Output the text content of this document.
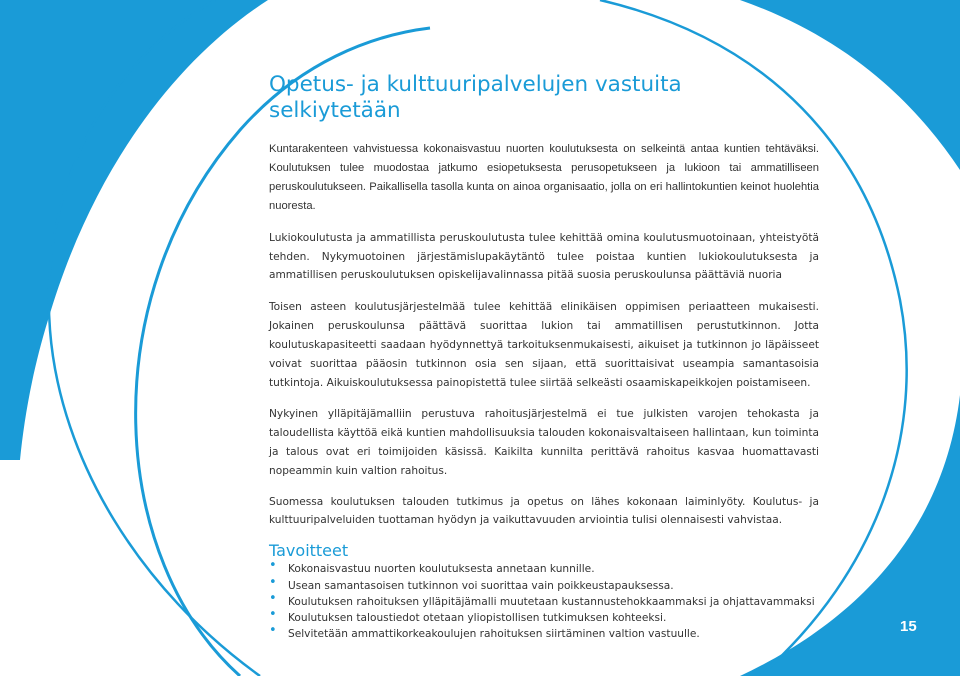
Opetus- ja kulttuuripalvelujen vastuita selkiytetään

Kuntarakenteen vahvistuessa kokonaisvastuu nuorten koulutuksesta on selkeintä antaa kuntien tehtäväksi. Koulutuksen tulee muodostaa jatkumo esiopetuksesta perusopetukseen ja lukioon tai ammatilliseen peruskoulutukseen. Paikallisella tasolla kunta on ainoa organisaatio, jolla on eri hallintokuntien keinot huolehtia nuoresta.

Lukiokoulutusta ja ammatillista peruskoulutusta tulee kehittää omina koulutusmuotoinaan, yhteistyötä tehden. Nykymuotoinen järjestämislupakäytäntö tulee poistaa kuntien lukiokoulutuksesta ja ammatillisen peruskoulutuksen opiskelijavalinnassa pitää suosia peruskoulunsa päättäviä nuoria

Toisen asteen koulutusjärjestelmää tulee kehittää elinikäisen oppimisen periaatteen mukaisesti. Jokainen peruskoulunsa päättävä suorittaa lukion tai ammatillisen perustutkinnon. Jotta koulutuskapasiteetti saadaan hyödynnettyä tarkoituksenmukaisesti, aikuiset ja tutkinnon jo läpäisseet voivat suorittaa pääosin tutkinnon osia sen sijaan, että suorittaisivat useampia samantasoisia tutkintoja. Aikuiskoulutuksessa painopistettä tulee siirtää selkeästi osaamiskapeikkojen poistamiseen.

Nykyinen ylläpitäjämalliin perustuva rahoitusjärjestelmä ei tue julkisten varojen tehokasta ja taloudellista käyttöä eikä kuntien mahdollisuuksia talouden kokonaisvaltaiseen hallintaan, kun toiminta ja talous ovat eri toimijoiden käsissä. Kaikilta kunnilta perittävä rahoitus kasvaa huomattavasti nopeammin kuin valtion rahoitus.

Suomessa koulutuksen talouden tutkimus ja opetus on lähes kokonaan laiminlyöty. Koulutus- ja kulttuuripalveluiden tuottaman hyödyn ja vaikuttavuuden arviointia tulisi olennaisesti vahvistaa.

Tavoitteet
• Kokonaisvastuu nuorten koulutuksesta annetaan kunnille.
• Usean samantasoisen tutkinnon voi suorittaa vain poikkeustapauksessa.
• Koulutuksen rahoituksen ylläpitäjämalli muutetaan kustannustehokkaammaksi ja ohjattavammaksi
• Koulutuksen taloustiedot otetaan yliopistollisen tutkimuksen kohteeksi.
• Selvitetään ammattikorkeakoulujen rahoituksen siirtäminen valtion vastuulle.	15
